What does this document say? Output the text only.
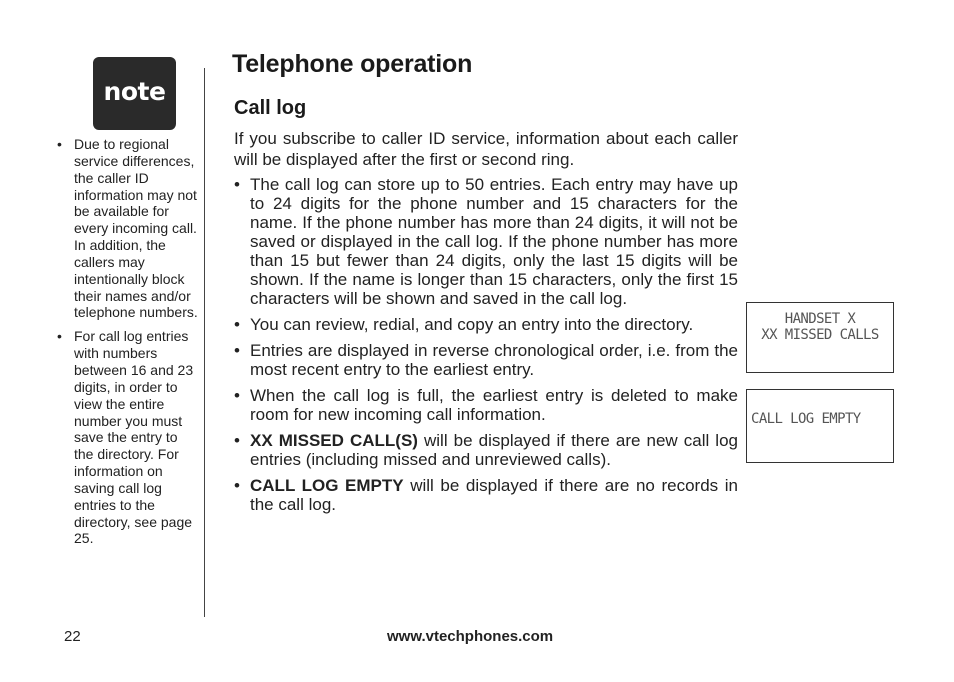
note
• Due to regional service differences, the caller ID information may not be available for every incoming call. In addition, the callers may intentionally block their names and/or telephone numbers.
• For call log entries with numbers between 16 and 23 digits, in order to view the entire number you must save the entry to the directory. For information on saving call log entries to the directory, see page 25.
Telephone operation
Call log

If you subscribe to caller ID service, information about each caller will be displayed after the first or second ring.

• The call log can store up to 50 entries. Each entry may have up to 24 digits for the phone number and 15 characters for the name. If the phone number has more than 24 digits, it will not be saved or displayed in the call log. If the phone number has more than 15 but fewer than 24 digits, only the last 15 digits will be shown. If the name is longer than 15 characters, only the first 15 characters will be shown and saved in the call log.
• You can review, redial, and copy an entry into the directory.
• Entries are displayed in reverse chronological order, i.e. from the most recent entry to the earliest entry.
• When the call log is full, the earliest entry is deleted to make room for new incoming call information.
• XX MISSED CALL(S) will be displayed if there are new call log entries (including missed and unreviewed calls).
• CALL LOG EMPTY will be displayed if there are no records in the call log.
HANDSET X
XX MISSED CALLS
CALL LOG EMPTY
22	www.vtechphones.com
